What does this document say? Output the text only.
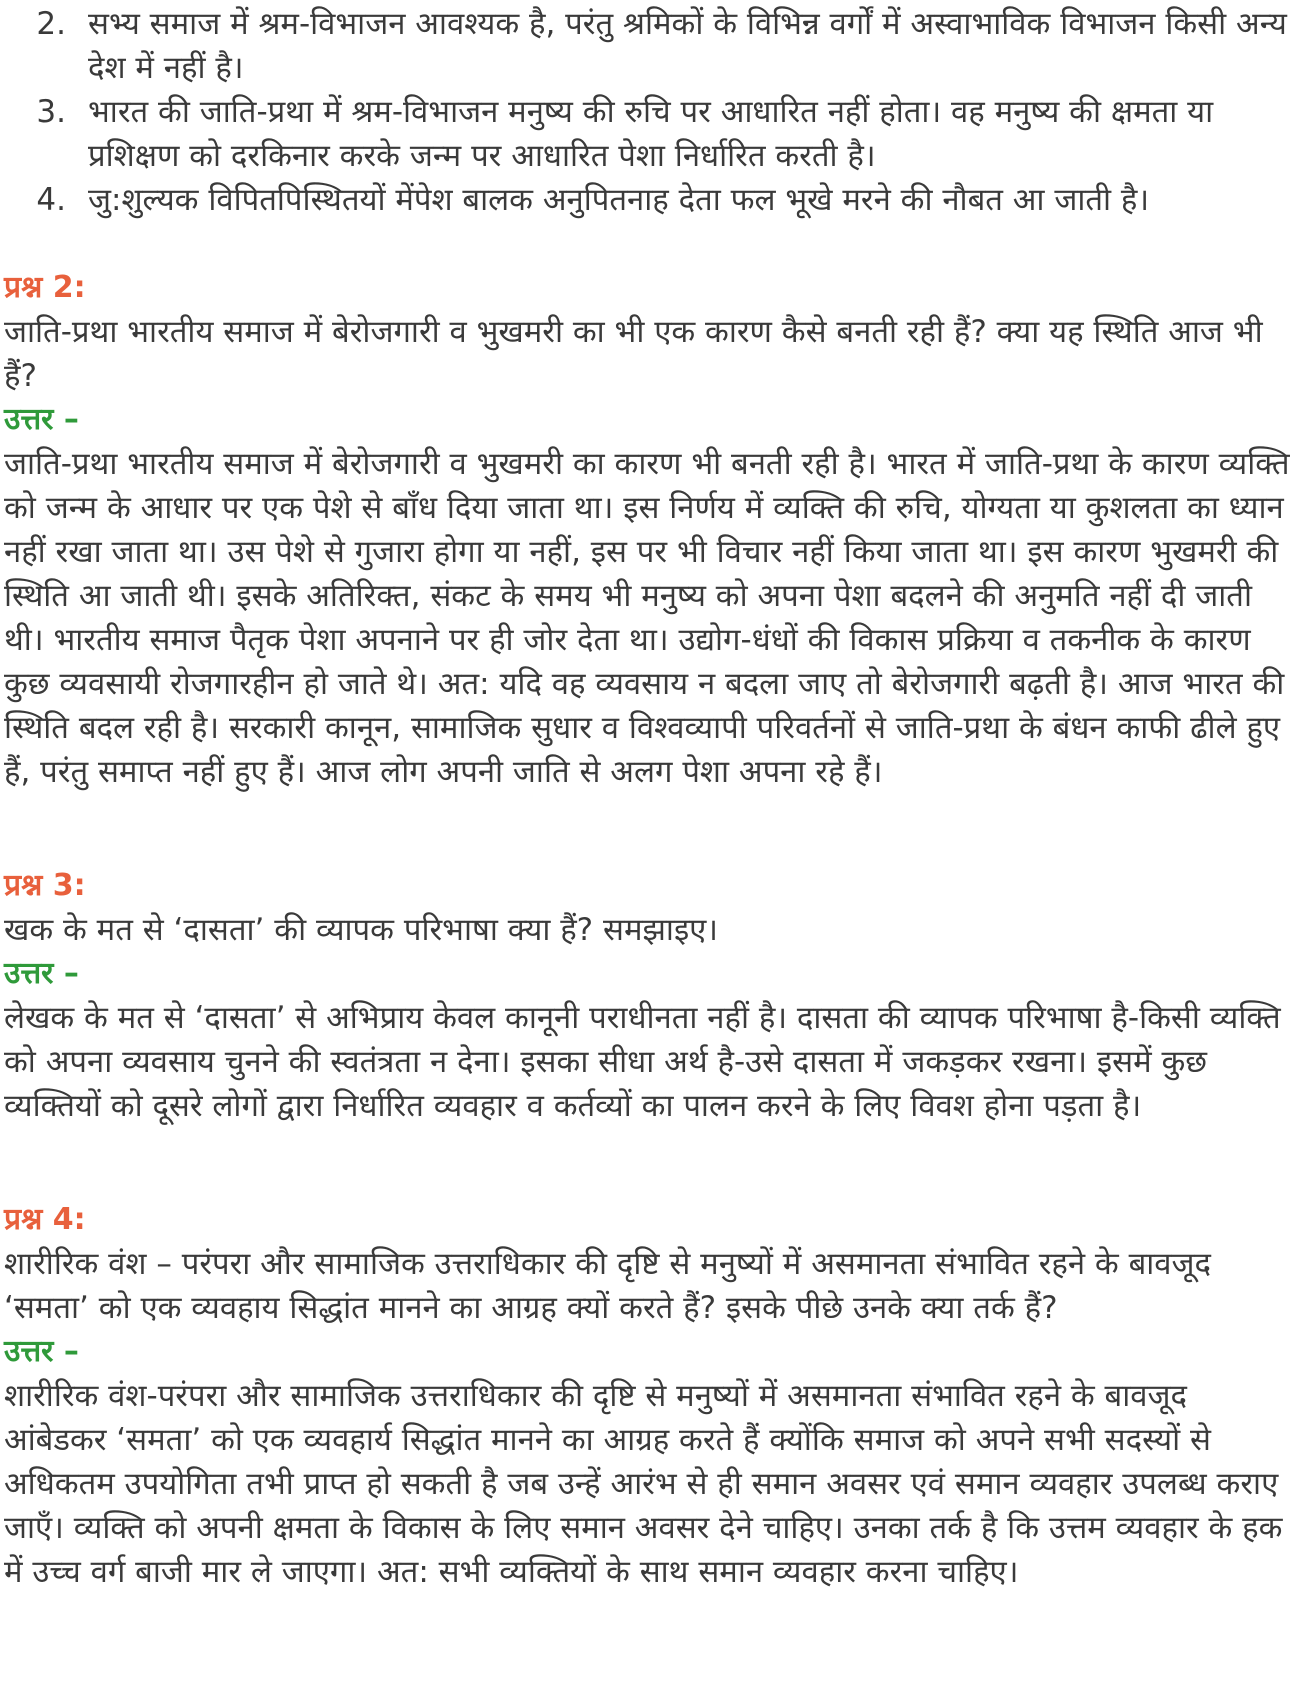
2. सभ्य समाज में श्रम-विभाजन आवश्यक है, परंतु श्रमिकों के विभिन्न वर्गों में अस्वाभाविक विभाजन किसी अन्य देश में नहीं है।
3. भारत की जाति-प्रथा में श्रम-विभाजन मनुष्य की रुचि पर आधारित नहीं होता। वह मनुष्य की क्षमता या प्रशिक्षण को दरकिनार करके जन्म पर आधारित पेशा निर्धारित करती है।
4. जु:शुल्यक विपितपिस्थितयों मेंपेश बालक अनुपितनाह देता फल भूखे मरने की नौबत आ जाती है।
प्रश्न 2:

जाति-प्रथा भारतीय समाज में बेरोजगारी व भुखमरी का भी एक कारण कैसे बनती रही हैं? क्या यह स्थिति आज भी हैं?

उत्तर –

जाति-प्रथा भारतीय समाज में बेरोजगारी व भुखमरी का कारण भी बनती रही है। भारत में जाति-प्रथा के कारण व्यक्ति को जन्म के आधार पर एक पेशे से बाँध दिया जाता था। इस निर्णय में व्यक्ति की रुचि, योग्यता या कुशलता का ध्यान नहीं रखा जाता था। उस पेशे से गुजारा होगा या नहीं, इस पर भी विचार नहीं किया जाता था। इस कारण भुखमरी की स्थिति आ जाती थी। इसके अतिरिक्त, संकट के समय भी मनुष्य को अपना पेशा बदलने की अनुमति नहीं दी जाती थी। भारतीय समाज पैतृक पेशा अपनाने पर ही जोर देता था। उद्योग-धंधों की विकास प्रक्रिया व तकनीक के कारण कुछ व्यवसायी रोजगारहीन हो जाते थे। अत: यदि वह व्यवसाय न बदला जाए तो बेरोजगारी बढ़ती है। आज भारत की स्थिति बदल रही है। सरकारी कानून, सामाजिक सुधार व विश्वव्यापी परिवर्तनों से जाति-प्रथा के बंधन काफी ढीले हुए हैं, परंतु समाप्त नहीं हुए हैं। आज लोग अपनी जाति से अलग पेशा अपना रहे हैं।

प्रश्न 3:

खक के मत से ‘दासता’ की व्यापक परिभाषा क्या हैं? समझाइए।

उत्तर –

लेखक के मत से ‘दासता’ से अभिप्राय केवल कानूनी पराधीनता नहीं है। दासता की व्यापक परिभाषा है-किसी व्यक्ति को अपना व्यवसाय चुनने की स्वतंत्रता न देना। इसका सीधा अर्थ है-उसे दासता में जकड़कर रखना। इसमें कुछ व्यक्तियों को दूसरे लोगों द्वारा निर्धारित व्यवहार व कर्तव्यों का पालन करने के लिए विवश होना पड़ता है।

प्रश्न 4:

शारीरिक वंश – परंपरा और सामाजिक उत्तराधिकार की दृष्टि से मनुष्यों में असमानता संभावित रहने के बावजूद ‘समता’ को एक व्यवहाय सिद्धांत मानने का आग्रह क्यों करते हैं? इसके पीछे उनके क्या तर्क हैं?

उत्तर –

शारीरिक वंश-परंपरा और सामाजिक उत्तराधिकार की दृष्टि से मनुष्यों में असमानता संभावित रहने के बावजूद आंबेडकर ‘समता’ को एक व्यवहार्य सिद्धांत मानने का आग्रह करते हैं क्योंकि समाज को अपने सभी सदस्यों से अधिकतम उपयोगिता तभी प्राप्त हो सकती है जब उन्हें आरंभ से ही समान अवसर एवं समान व्यवहार उपलब्ध कराए जाएँ। व्यक्ति को अपनी क्षमता के विकास के लिए समान अवसर देने चाहिए। उनका तर्क है कि उत्तम व्यवहार के हक में उच्च वर्ग बाजी मार ले जाएगा। अत: सभी व्यक्तियों के साथ समान व्यवहार करना चाहिए।
